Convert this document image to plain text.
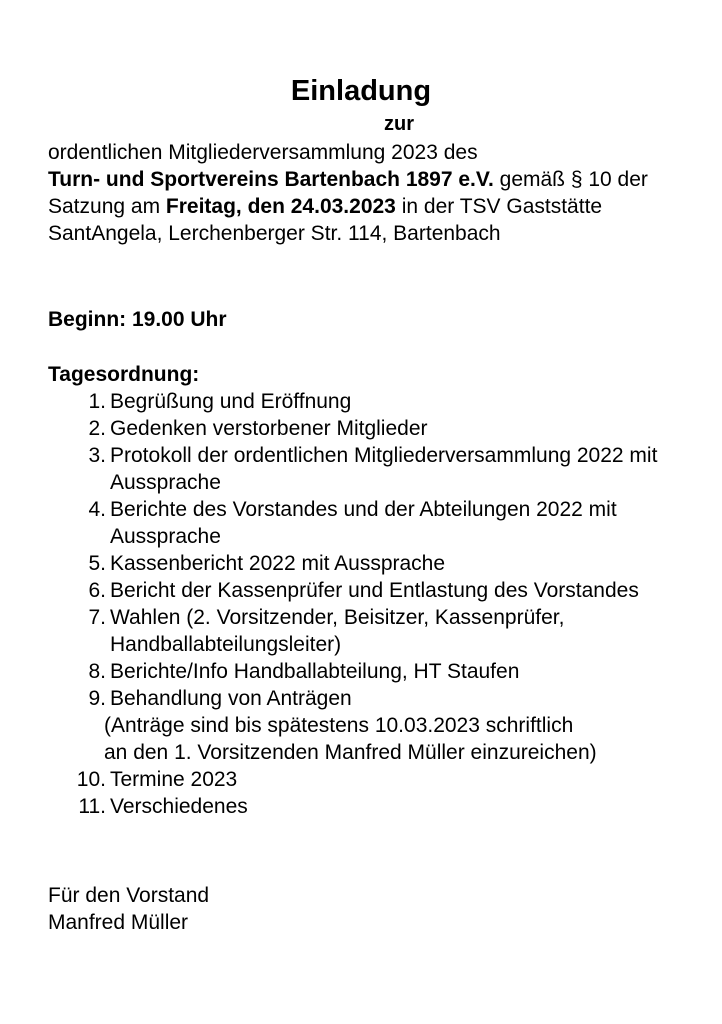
Einladung
zur

ordentlichen Mitgliederversammlung 2023 des
Turn- und Sportvereins Bartenbach 1897 e.V. gemäß § 10 der Satzung am Freitag, den 24.03.2023 in der TSV Gaststätte SantAngela, Lerchenberger Str. 114, Bartenbach

Beginn: 19.00 Uhr
Tagesordnung:
1. Begrüßung und Eröffnung
2. Gedenken verstorbener Mitglieder
3. Protokoll der ordentlichen Mitgliederversammlung 2022 mit Aussprache
4. Berichte des Vorstandes und der Abteilungen 2022 mit Aussprache
5. Kassenbericht 2022 mit Aussprache
6. Bericht der Kassenprüfer und Entlastung des Vorstandes
7. Wahlen (2. Vorsitzender, Beisitzer, Kassenprüfer, Handballabteilungsleiter)
8. Berichte/Info Handballabteilung, HT Staufen
9. Behandlung von Anträgen
(Anträge sind bis spätestens 10.03.2023 schriftlich
an den 1. Vorsitzenden Manfred Müller einzureichen)
10. Termine 2023
11. Verschiedenes
Für den Vorstand
Manfred Müller
